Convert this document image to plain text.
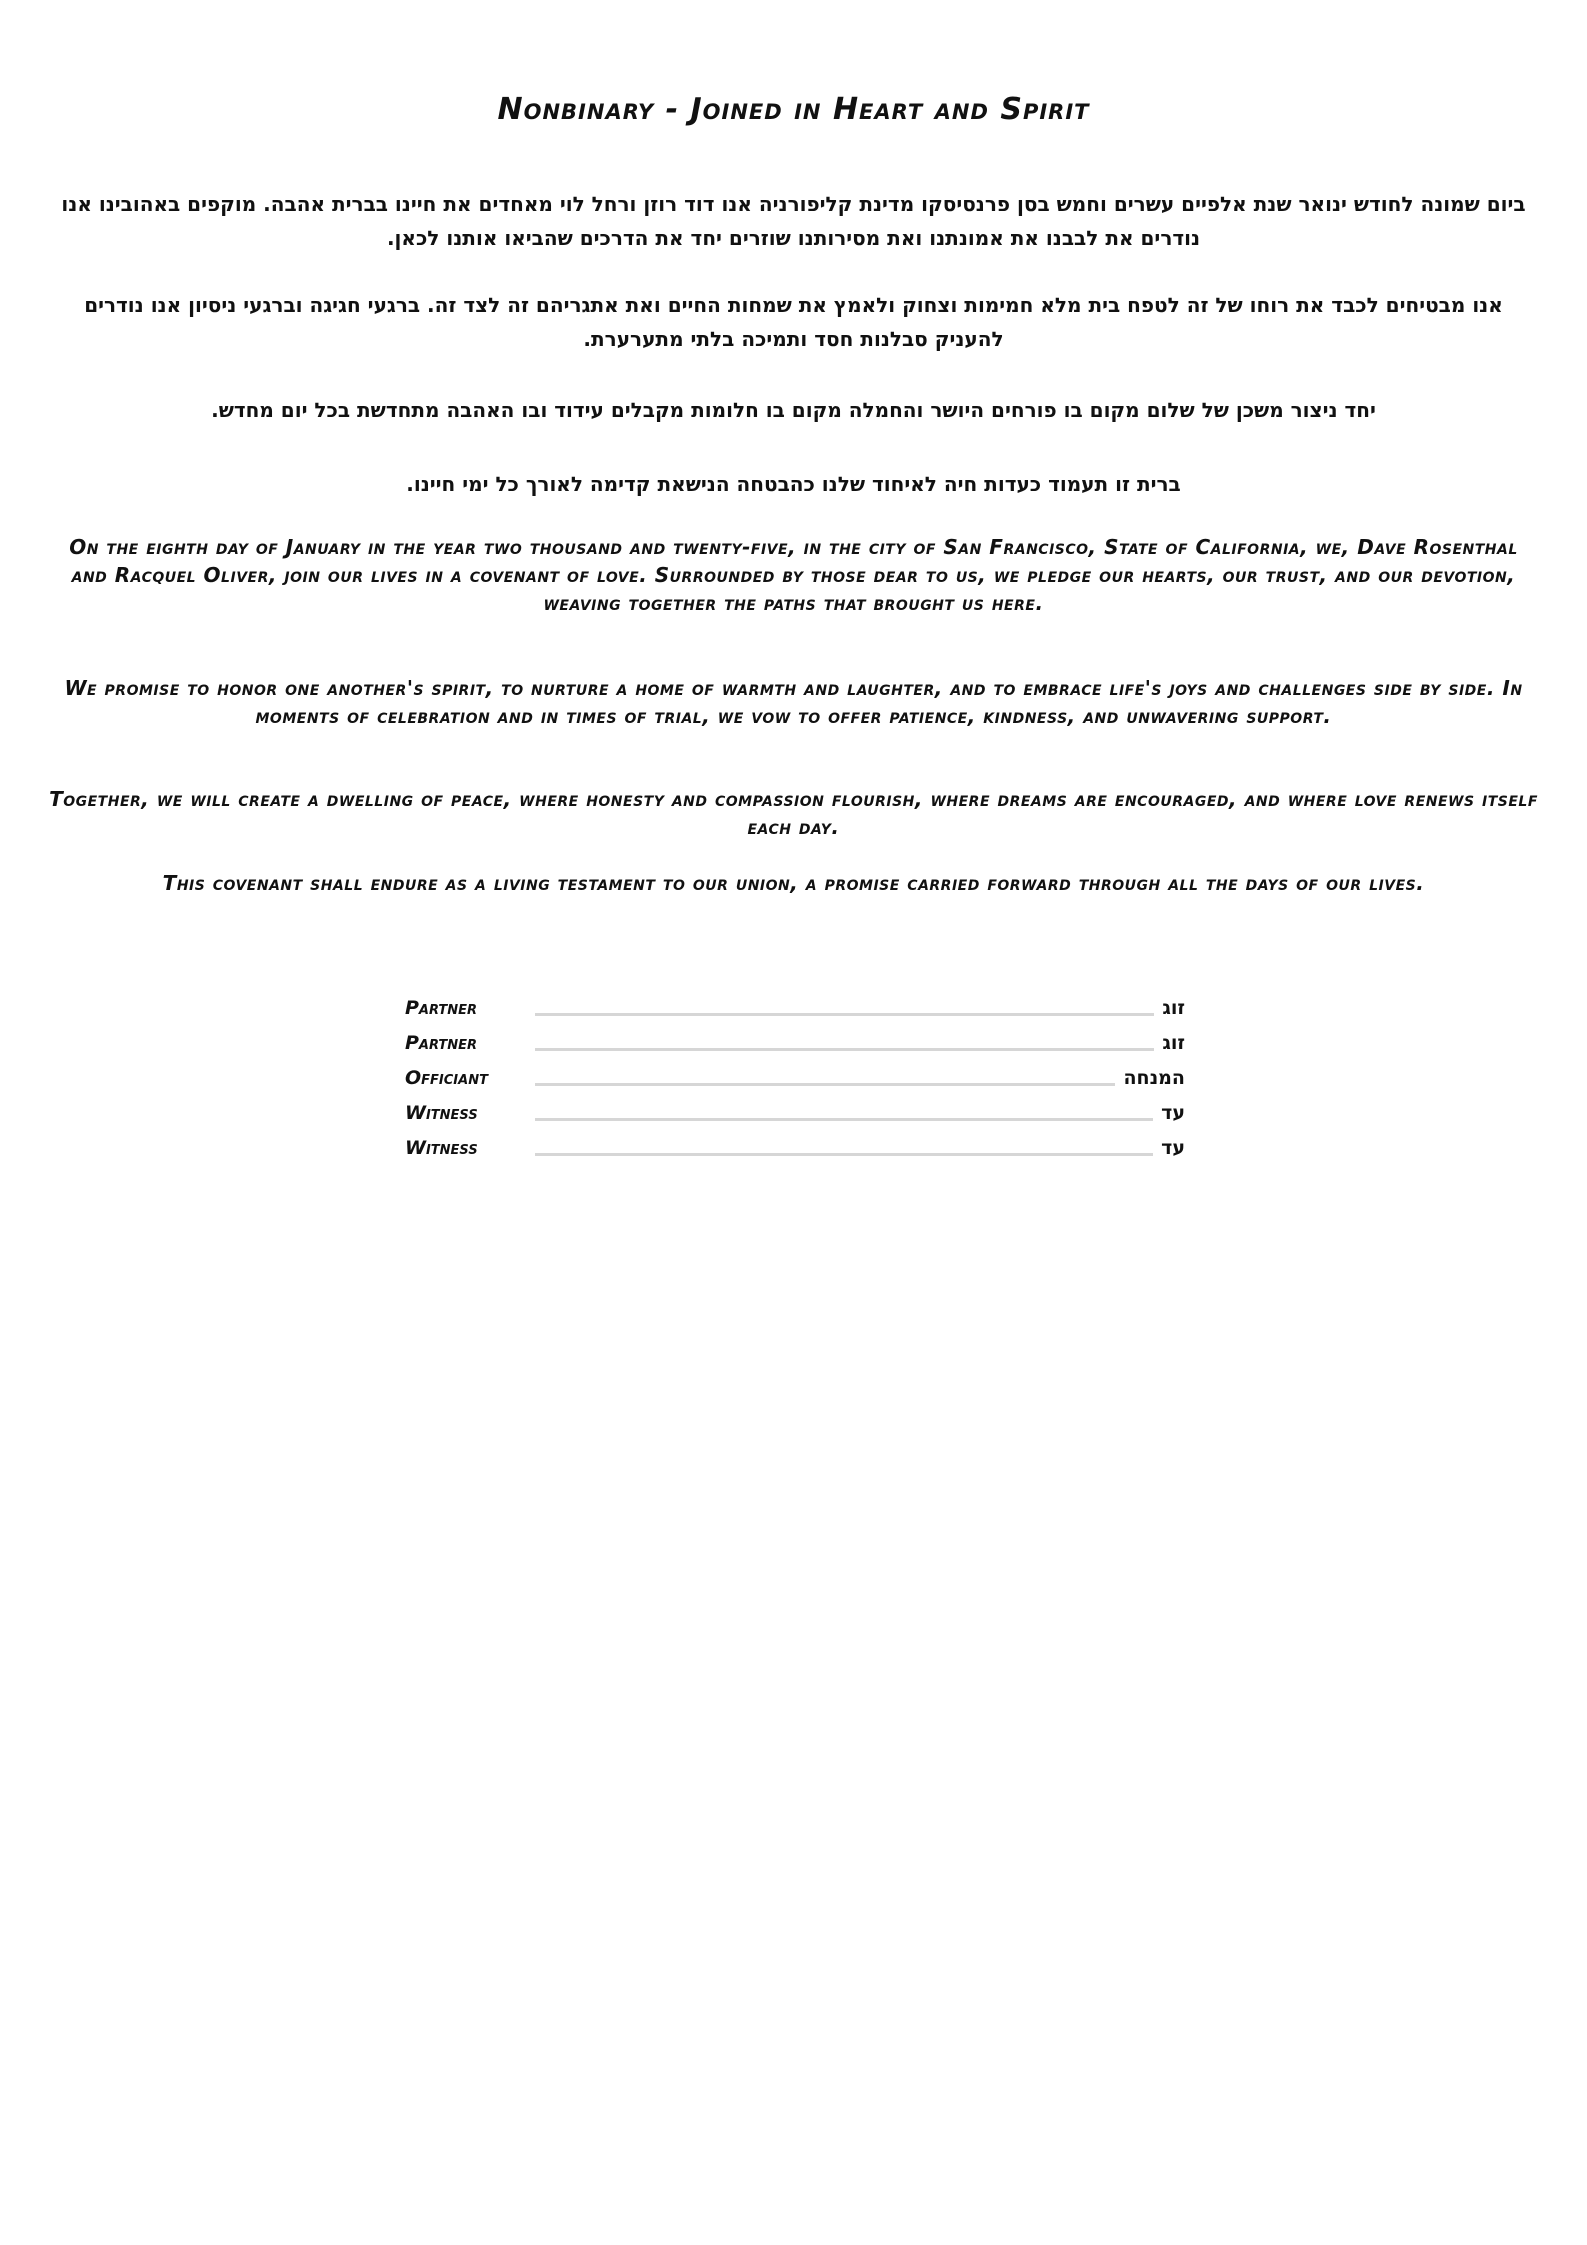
Nonbinary - Joined in Heart and Spirit

ביום שמונה לחודש ינואר שנת אלפיים עשרים וחמש בסן פרנסיסקו מדינת קליפורניה אנו דוד רוזן ורחל לוי מאחדים את חיינו בברית אהבה. מוקפים באהובינו אנו נודרים את לבבנו את אמונתנו ואת מסירותנו שוזרים יחד את הדרכים שהביאו אותנו לכאן.

אנו מבטיחים לכבד את רוחו של זה לטפח בית מלא חמימות וצחוק ולאמץ את שמחות החיים ואת אתגריהם זה לצד זה. ברגעי חגיגה וברגעי ניסיון אנו נודרים להעניק סבלנות חסד ותמיכה בלתי מתערערת.

יחד ניצור משכן של שלום מקום בו פורחים היושר והחמלה מקום בו חלומות מקבלים עידוד ובו האהבה מתחדשת בכל יום מחדש.

ברית זו תעמוד כעדות חיה לאיחוד שלנו כהבטחה הנישאת קדימה לאורך כל ימי חיינו.

On the eighth day of January in the year two thousand and twenty-five, in the city of San Francisco, State of California, we, Dave Rosenthal and Racquel Oliver, join our lives in a covenant of love. Surrounded by those dear to us, we pledge our hearts, our trust, and our devotion, weaving together the paths that brought us here.

We promise to honor one another's spirit, to nurture a home of warmth and laughter, and to embrace life's joys and challenges side by side. In moments of celebration and in times of trial, we vow to offer patience, kindness, and unwavering support.

Together, we will create a dwelling of peace, where honesty and compassion flourish, where dreams are encouraged, and where love renews itself each day.

This covenant shall endure as a living testament to our union, a promise carried forward through all the days of our lives.

Partner	זוג
Partner	זוג
Officiant	המנחה
Witness	עד
Witness	עד
